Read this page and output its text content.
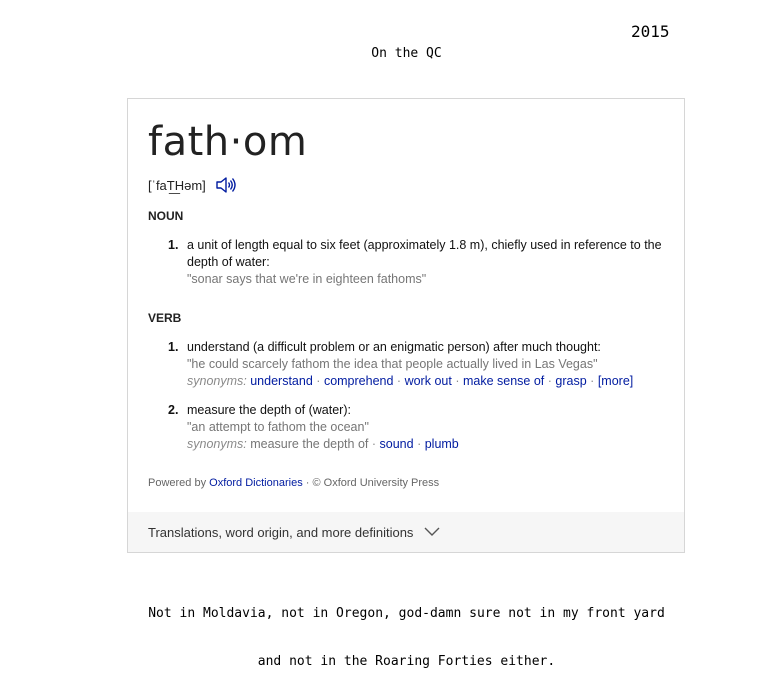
2015
On the QC
fath·om
[ˈfaT͟Həm]
NOUN
1. a unit of length equal to six feet (approximately 1.8 m), chiefly used in reference to the depth of water:
"sonar says that we're in eighteen fathoms"
VERB
1. understand (a difficult problem or an enigmatic person) after much thought:
"he could scarcely fathom the idea that people actually lived in Las Vegas"
synonyms: understand · comprehend · work out · make sense of · grasp · [more]
2. measure the depth of (water):
"an attempt to fathom the ocean"
synonyms: measure the depth of · sound · plumb
Powered by Oxford Dictionaries · © Oxford University Press
Translations, word origin, and more definitions
Not in Moldavia, not in Oregon, god-damn sure not in my front yard
and not in the Roaring Forties either.
